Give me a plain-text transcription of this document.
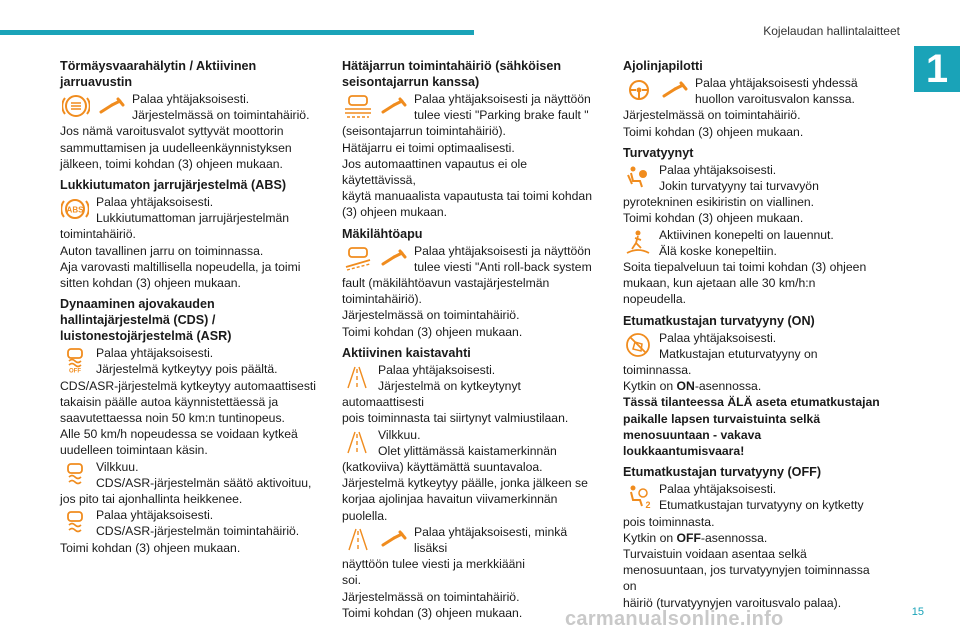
Kojelaudan hallintalaitteet
1
Törmäysvaarahälytin / Aktiivinen jarruavustin
Palaa yhtäjaksoisesti.
Järjestelmässä on toimintahäiriö.
Jos nämä varoitusvalot syttyvät moottorin
sammuttamisen ja uudelleenkäynnistyksen
jälkeen, toimi kohdan (3) ohjeen mukaan.
Lukkiutumaton jarrujärjestelmä (ABS)
ABS
Palaa yhtäjaksoisesti.
Lukkiutumattoman jarrujärjestelmän
toimintahäiriö.
Auton tavallinen jarru on toiminnassa.
Aja varovasti maltillisella nopeudella, ja toimi
sitten kohdan (3) ohjeen mukaan.
Dynaaminen ajovakauden hallintajärjestelmä (CDS) / luistonestojärjestelmä (ASR)
OFF
Palaa yhtäjaksoisesti.
Järjestelmä kytkeytyy pois päältä.
CDS/ASR-järjestelmä kytkeytyy automaattisesti
takaisin päälle autoa käynnistettäessä ja
saavutettaessa noin 50 km:n tuntinopeus.
Alle 50 km/h nopeudessa se voidaan kytkeä
uudelleen toimintaan käsin.
Vilkkuu.
CDS/ASR-järjestelmän säätö aktivoituu,
jos pito tai ajonhallinta heikkenee.
Palaa yhtäjaksoisesti.
CDS/ASR-järjestelmän toimintahäiriö.
Toimi kohdan (3) ohjeen mukaan.
Hätäjarrun toimintahäiriö (sähköisen seisontajarrun kanssa)
Palaa yhtäjaksoisesti ja näyttöön
tulee viesti "Parking brake fault "
(seisontajarrun toimintahäiriö).
Hätäjarru ei toimi optimaalisesti.
Jos automaattinen vapautus ei ole käytettävissä,
käytä manuaalista vapautusta tai toimi kohdan
(3) ohjeen mukaan.
Mäkilähtöapu
Palaa yhtäjaksoisesti ja näyttöön
tulee viesti "Anti roll-back system
fault (mäkilähtöavun vastajärjestelmän
toimintahäiriö).
Järjestelmässä on toimintahäiriö.
Toimi kohdan (3) ohjeen mukaan.
Aktiivinen kaistavahti
Palaa yhtäjaksoisesti.
Järjestelmä on kytkeytynyt automaattisesti
pois toiminnasta tai siirtynyt valmiustilaan.
Vilkkuu.
Olet ylittämässä kaistamerkinnän
(katkoviiva) käyttämättä suuntavaloa.
Järjestelmä kytkeytyy päälle, jonka jälkeen se
korjaa ajolinjaa havaitun viivamerkinnän puolella.
Palaa yhtäjaksoisesti, minkä lisäksi
näyttöön tulee viesti ja merkkiääni
soi.
Järjestelmässä on toimintahäiriö.
Toimi kohdan (3) ohjeen mukaan.
Ajolinjapilotti
Palaa yhtäjaksoisesti yhdessä
huollon varoitusvalon kanssa.
Järjestelmässä on toimintahäiriö.
Toimi kohdan (3) ohjeen mukaan.
Turvatyynyt
Palaa yhtäjaksoisesti.
Jokin turvatyyny tai turvavyön
pyrotekninen esikiristin on viallinen.
Toimi kohdan (3) ohjeen mukaan.
Aktiivinen konepelti on lauennut.
Älä koske konepeltiin.
Soita tiepalveluun tai toimi kohdan (3) ohjeen
mukaan, kun ajetaan alle 30 km/h:n nopeudella.
Etumatkustajan turvatyyny (ON)
Palaa yhtäjaksoisesti.
Matkustajan etuturvatyyny on
toiminnassa.
Kytkin on ON-asennossa.
Tässä tilanteessa ÄLÄ aseta etumatkustajan
paikalle lapsen turvaistuinta selkä
menosuuntaan - vakava loukkaantumisvaara!
Etumatkustajan turvatyyny (OFF)
2
Palaa yhtäjaksoisesti.
Etumatkustajan turvatyyny on kytketty
pois toiminnasta.
Kytkin on OFF-asennossa.
Turvaistuin voidaan asentaa selkä
menosuuntaan, jos turvatyynyjen toiminnassa on
häiriö (turvatyynyjen varoitusvalo palaa).
carmanualsonline.info	15
